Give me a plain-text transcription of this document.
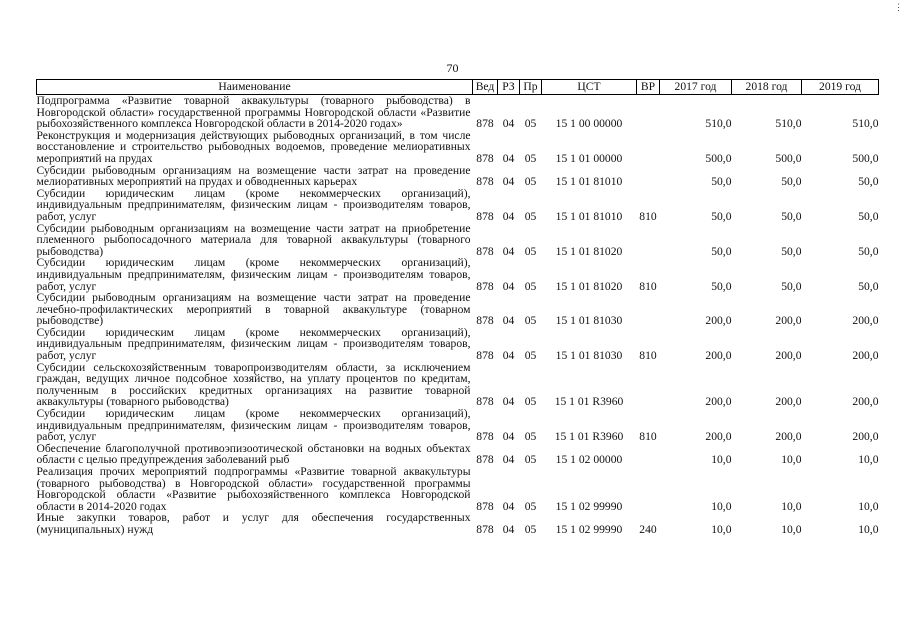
70
⋮
Наименование	Вед	РЗ	Пр	ЦСТ	ВР	2017 год	2018 год	2019 год
Подпрограмма «Развитие товарной аквакультуры (товарного рыбоводства) в Новгородской области» государственной программы Новгородской области «Развитие рыбохозяйственного комплекса Новгородской области в 2014-2020 годах»	878	04	05	15 1 00 00000		510,0	510,0	510,0
Реконструкция и модернизация действующих рыбоводных организаций, в том числе восстановление и строительство рыбоводных водоемов, проведение мелиоративных мероприятий на прудах	878	04	05	15 1 01 00000		500,0	500,0	500,0
Субсидии рыбоводным организациям на возмещение части затрат на проведение мелиоративных мероприятий на прудах и обводненных карьерах	878	04	05	15 1 01 81010		50,0	50,0	50,0
Субсидии юридическим лицам (кроме некоммерческих организаций), индивидуальным предпринимателям, физическим лицам - производителям товаров, работ, услуг	878	04	05	15 1 01 81010	810	50,0	50,0	50,0
Субсидии рыбоводным организациям на возмещение части затрат на приобретение племенного рыбопосадочного материала для товарной аквакультуры (товарного рыбоводства)	878	04	05	15 1 01 81020		50,0	50,0	50,0
Субсидии юридическим лицам (кроме некоммерческих организаций), индивидуальным предпринимателям, физическим лицам - производителям товаров, работ, услуг	878	04	05	15 1 01 81020	810	50,0	50,0	50,0
Субсидии рыбоводным организациям на возмещение части затрат на проведение лечебно-профилактических мероприятий в товарной аквакультуре (товарном рыбоводстве)	878	04	05	15 1 01 81030		200,0	200,0	200,0
Субсидии юридическим лицам (кроме некоммерческих организаций), индивидуальным предпринимателям, физическим лицам - производителям товаров, работ, услуг	878	04	05	15 1 01 81030	810	200,0	200,0	200,0
Субсидии сельскохозяйственным товаропроизводителям области, за исключением граждан, ведущих личное подсобное хозяйство, на уплату процентов по кредитам, полученным в российских кредитных организациях на развитие товарной аквакультуры (товарного рыбоводства)	878	04	05	15 1 01 R3960		200,0	200,0	200,0
Субсидии юридическим лицам (кроме некоммерческих организаций), индивидуальным предпринимателям, физическим лицам - производителям товаров, работ, услуг	878	04	05	15 1 01 R3960	810	200,0	200,0	200,0
Обеспечение благополучной противоэпизоотической обстановки на водных объектах области с целью предупреждения заболеваний рыб	878	04	05	15 1 02 00000		10,0	10,0	10,0
Реализация прочих мероприятий подпрограммы «Развитие товарной аквакультуры (товарного рыбоводства) в Новгородской области» государственной программы Новгородской области «Развитие рыбохозяйственного комплекса Новгородской области в 2014-2020 годах	878	04	05	15 1 02 99990		10,0	10,0	10,0
Иные закупки товаров, работ и услуг для обеспечения государственных (муниципальных) нужд	878	04	05	15 1 02 99990	240	10,0	10,0	10,0
